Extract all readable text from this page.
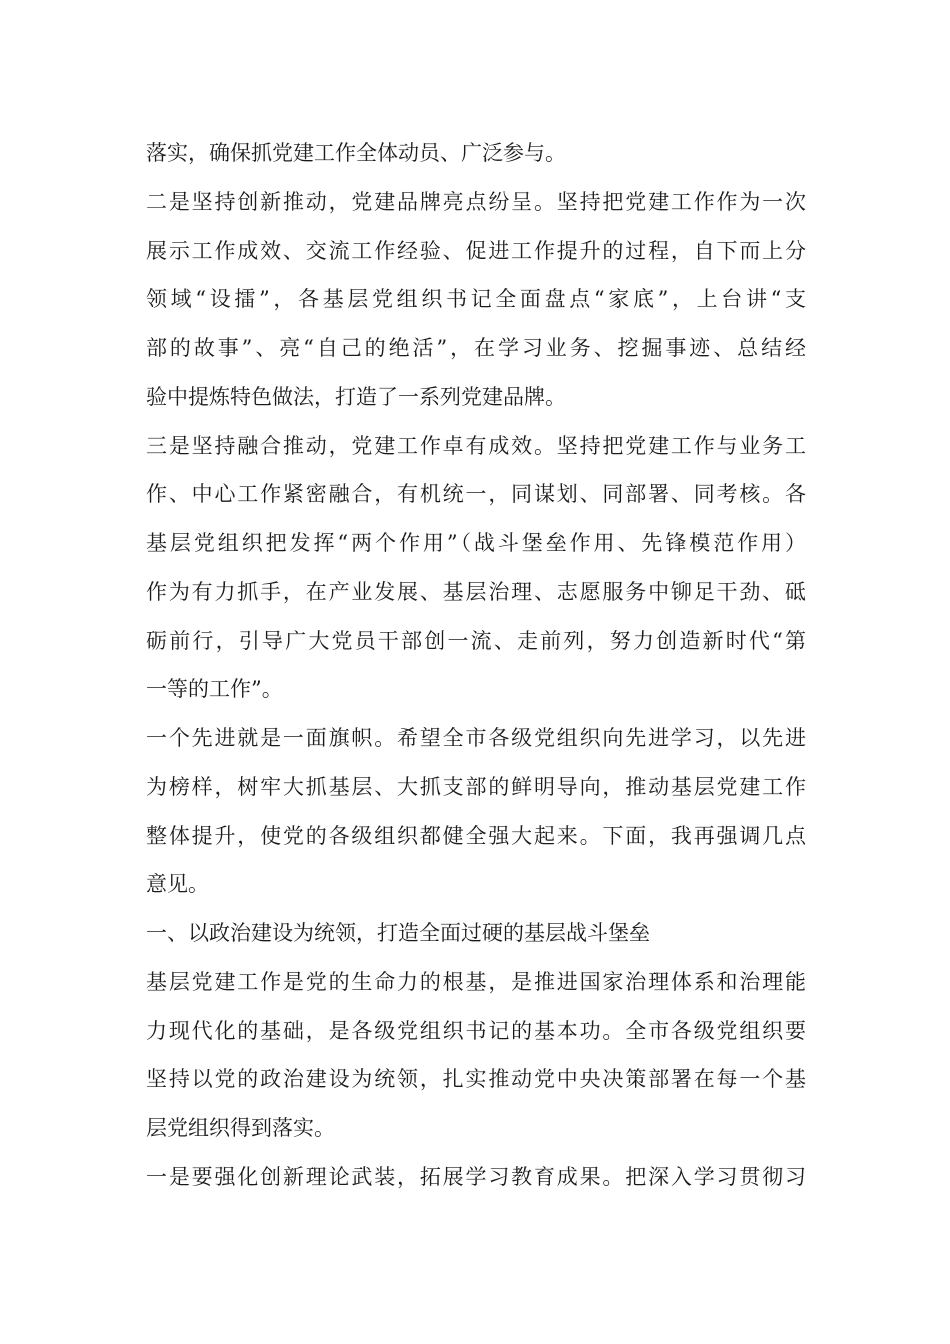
落实，确保抓党建工作全体动员、广泛参与。
二是坚持创新推动，党建品牌亮点纷呈。坚持把党建工作作为一次
展示工作成效、交流工作经验、促进工作提升的过程，自下而上分
领域“设擂”，各基层党组织书记全面盘点“家底”，上台讲“支
部的故事”、亮“自己的绝活”，在学习业务、挖掘事迹、总结经
验中提炼特色做法，打造了一系列党建品牌。
三是坚持融合推动，党建工作卓有成效。坚持把党建工作与业务工
作、中心工作紧密融合，有机统一，同谋划、同部署、同考核。各
基层党组织把发挥“两个作用”（战斗堡垒作用、先锋模范作用）
作为有力抓手，在产业发展、基层治理、志愿服务中铆足干劲、砥
砺前行，引导广大党员干部创一流、走前列，努力创造新时代“第
一等的工作”。
一个先进就是一面旗帜。希望全市各级党组织向先进学习，以先进
为榜样，树牢大抓基层、大抓支部的鲜明导向，推动基层党建工作
整体提升，使党的各级组织都健全强大起来。下面，我再强调几点
意见。
一、以政治建设为统领，打造全面过硬的基层战斗堡垒
基层党建工作是党的生命力的根基，是推进国家治理体系和治理能
力现代化的基础，是各级党组织书记的基本功。全市各级党组织要
坚持以党的政治建设为统领，扎实推动党中央决策部署在每一个基
层党组织得到落实。
一是要强化创新理论武装，拓展学习教育成果。把深入学习贯彻习
